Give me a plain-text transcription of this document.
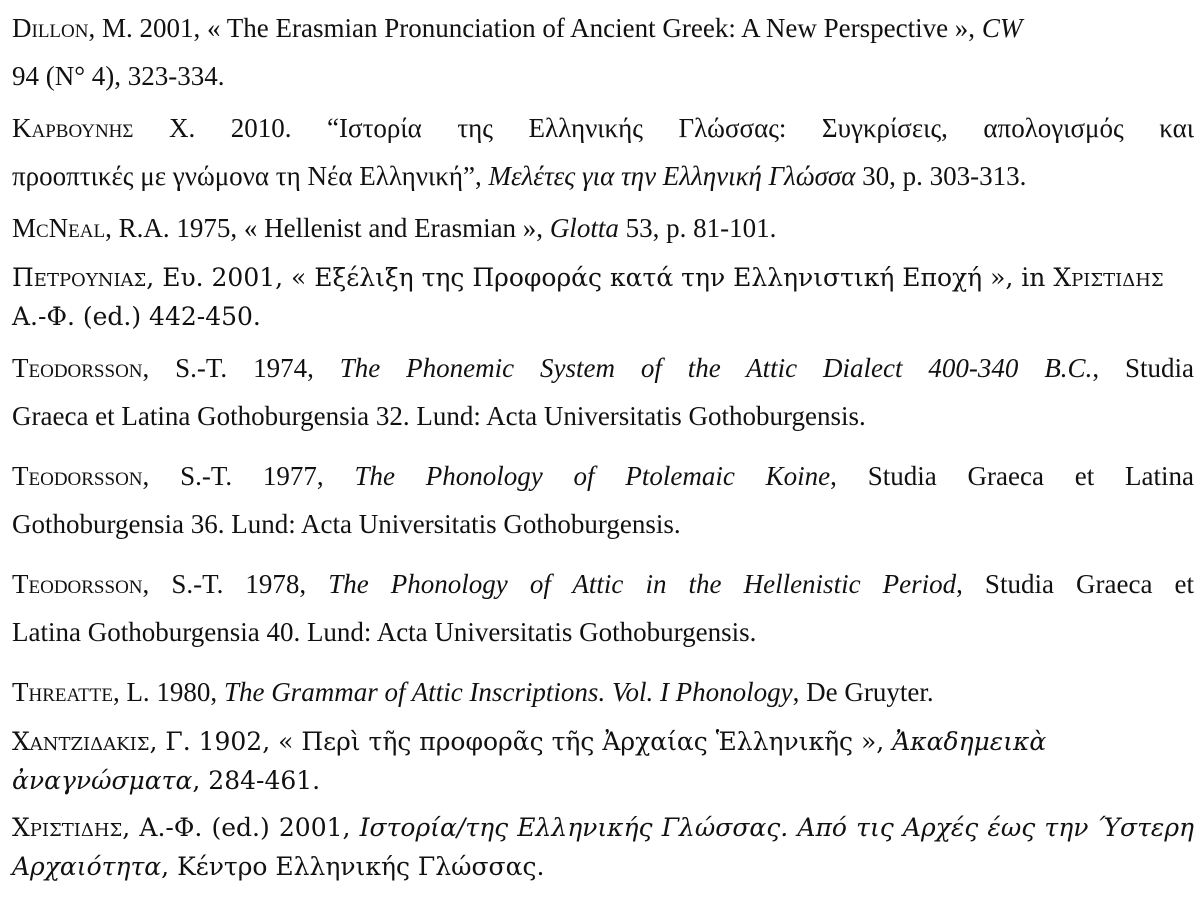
Dillon, M. 2001, « The Erasmian Pronunciation of Ancient Greek: A New Perspective », CW
94 (N° 4), 323-334.
Καρβουνης Χ. 2010. “Ιστορία της Ελληνικής Γλώσσας: Συγκρίσεις, απολογισμός και
προοπτικές με γνώμονα τη Νέα Ελληνική”, Μελέτες για την Ελληνική Γλώσσα 30, p. 303-313.
McNeal, R.A. 1975, « Hellenist and Erasmian », Glotta 53, p. 81-101.
Πετρουνιας, Ευ. 2001, « Εξέλιξη της Προφοράς κατά την Ελληνιστική Εποχή », in Χριστιδης
Α.-Φ. (ed.) 442-450.
Teodorsson, S.-T. 1974, The Phonemic System of the Attic Dialect 400-340 B.C., Studia
Graeca et Latina Gothoburgensia 32. Lund: Acta Universitatis Gothoburgensis.
Teodorsson, S.-T. 1977, The Phonology of Ptolemaic Koine, Studia Graeca et Latina
Gothoburgensia 36. Lund: Acta Universitatis Gothoburgensis.
Teodorsson, S.-T. 1978, The Phonology of Attic in the Hellenistic Period, Studia Graeca et
Latina Gothoburgensia 40. Lund: Acta Universitatis Gothoburgensis.
Threatte, L. 1980, The Grammar of Attic Inscriptions. Vol. I Phonology, De Gruyter.
Χαντζιδακις, Γ. 1902, « Περὶ τῆς προφορᾶς τῆς Ἀρχαίας Ἑλληνικῆς », Ἀκαδημεικὰ
ἀναγνώσματα, 284-461.
Χριστιδης, Α.-Φ. (ed.) 2001, Ιστορία/της Ελληνικής Γλώσσας. Από τις Αρχές έως την Ύστερη
Αρχαιότητα, Κέντρο Ελληνικής Γλώσσας.
